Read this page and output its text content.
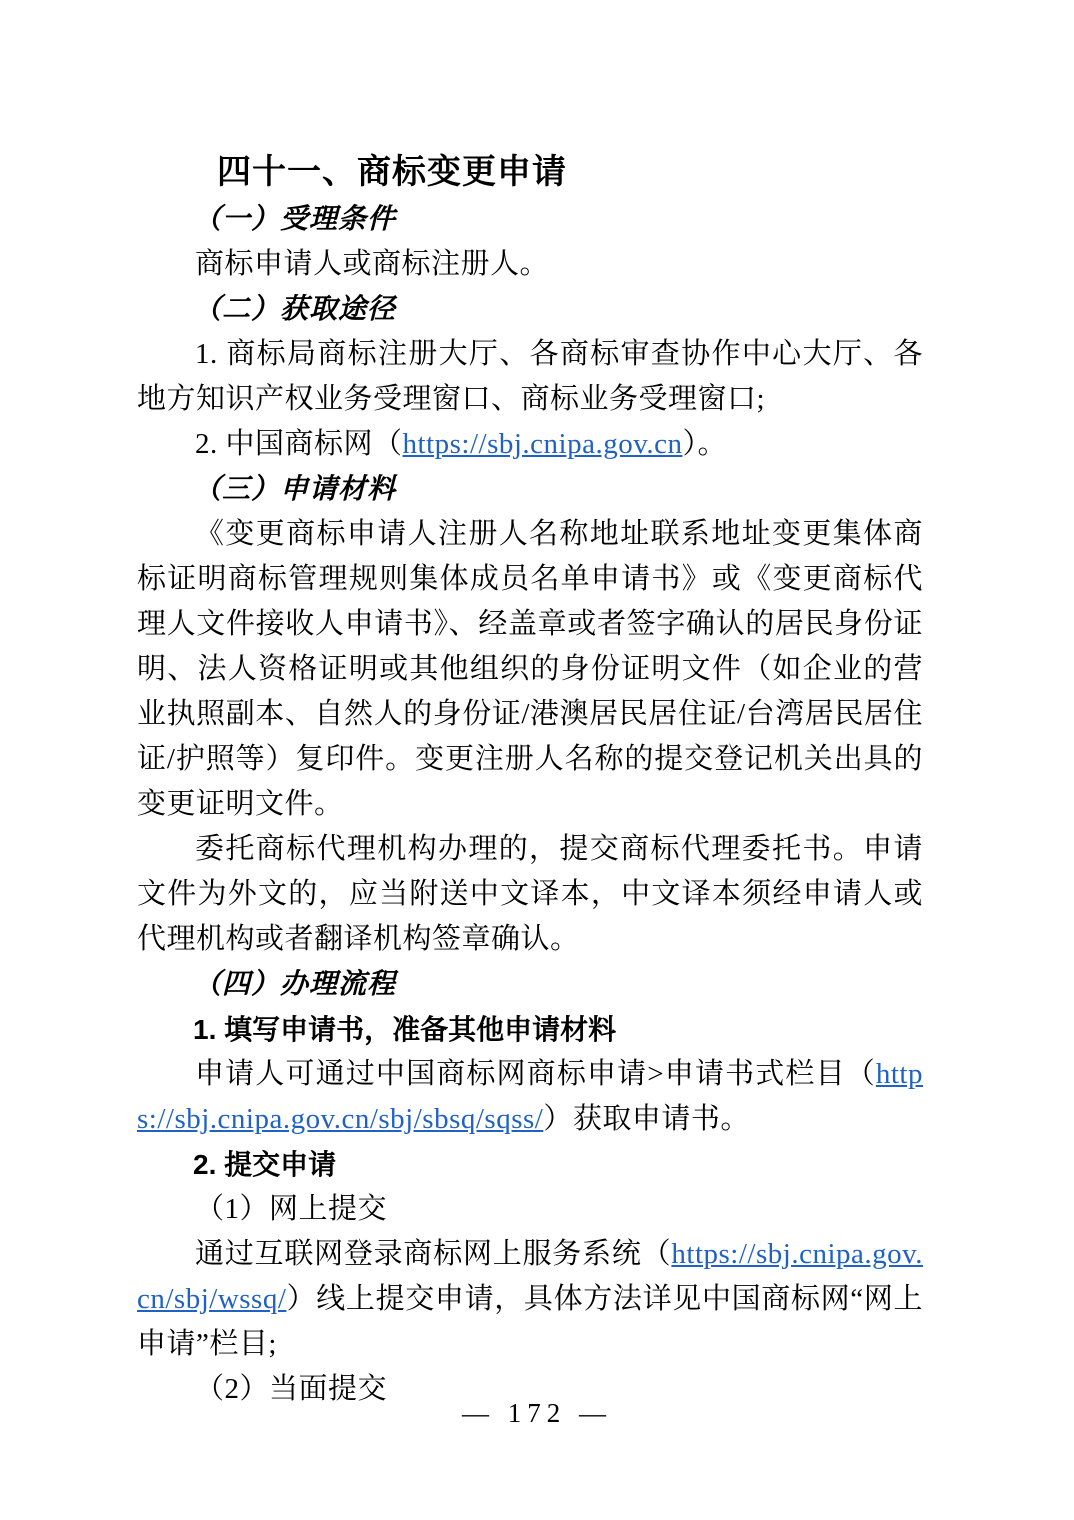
四十一、商标变更申请
（一）受理条件

商标申请人或商标注册人。

（二）获取途径

1. 商标局商标注册大厅、各商标审查协作中心大厅、各地方知识产权业务受理窗口、商标业务受理窗口;

2. 中国商标网（https://sbj.cnipa.gov.cn）。

（三）申请材料

《变更商标申请人注册人名称地址联系地址变更集体商标证明商标管理规则集体成员名单申请书》或《变更商标代理人文件接收人申请书》、经盖章或者签字确认的居民身份证明、法人资格证明或其他组织的身份证明文件（如企业的营业执照副本、自然人的身份证/港澳居民居住证/台湾居民居住证/护照等）复印件。变更注册人名称的提交登记机关出具的变更证明文件。

委托商标代理机构办理的，提交商标代理委托书。申请文件为外文的，应当附送中文译本，中文译本须经申请人或代理机构或者翻译机构签章确认。

（四）办理流程
1. 填写申请书，准备其他申请材料

申请人可通过中国商标网商标申请>申请书式栏目（https://sbj.cnipa.gov.cn/sbj/sbsq/sqss/）获取申请书。

2. 提交申请

（1）网上提交

通过互联网登录商标网上服务系统（https://sbj.cnipa.gov.cn/sbj/wssq/）线上提交申请，具体方法详见中国商标网“网上申请”栏目;

（2）当面提交

— 172 —
